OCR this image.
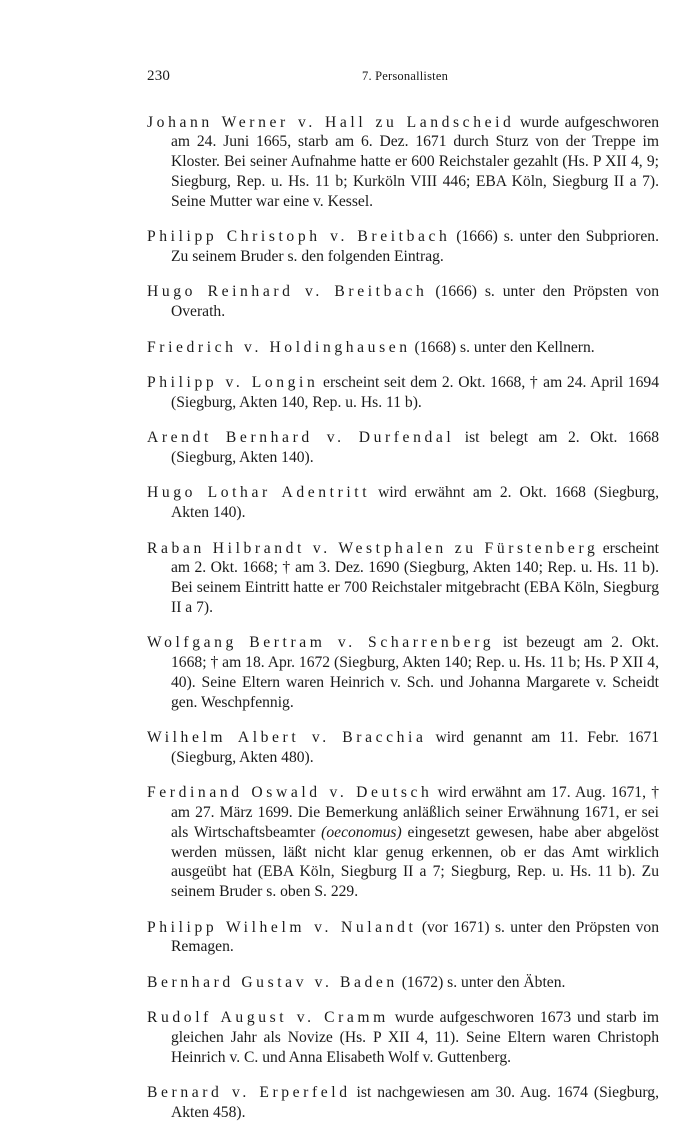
230	7. Personallisten

Johann Werner v. Hall zu Landscheid wurde aufgeschworen am 24. Juni 1665, starb am 6. Dez. 1671 durch Sturz von der Treppe im Kloster. Bei seiner Aufnahme hatte er 600 Reichstaler gezahlt (Hs. P XII 4, 9; Siegburg, Rep. u. Hs. 11 b; Kurköln VIII 446; EBA Köln, Siegburg II a 7). Seine Mutter war eine v. Kessel.

Philipp Christoph v. Breitbach (1666) s. unter den Subprioren. Zu seinem Bruder s. den folgenden Eintrag.

Hugo Reinhard v. Breitbach (1666) s. unter den Pröpsten von Overath.

Friedrich v. Holdinghausen (1668) s. unter den Kellnern.

Philipp v. Longin erscheint seit dem 2. Okt. 1668, † am 24. April 1694 (Siegburg, Akten 140, Rep. u. Hs. 11 b).

Arendt Bernhard v. Durfendal ist belegt am 2. Okt. 1668 (Siegburg, Akten 140).

Hugo Lothar Adentritt wird erwähnt am 2. Okt. 1668 (Siegburg, Akten 140).

Raban Hilbrandt v. Westphalen zu Fürstenberg erscheint am 2. Okt. 1668; † am 3. Dez. 1690 (Siegburg, Akten 140; Rep. u. Hs. 11 b). Bei seinem Eintritt hatte er 700 Reichstaler mitgebracht (EBA Köln, Siegburg II a 7).

Wolfgang Bertram v. Scharrenberg ist bezeugt am 2. Okt. 1668; † am 18. Apr. 1672 (Siegburg, Akten 140; Rep. u. Hs. 11 b; Hs. P XII 4, 40). Seine Eltern waren Heinrich v. Sch. und Johanna Margarete v. Scheidt gen. Weschpfennig.

Wilhelm Albert v. Bracchia wird genannt am 11. Febr. 1671 (Siegburg, Akten 480).

Ferdinand Oswald v. Deutsch wird erwähnt am 17. Aug. 1671, † am 27. März 1699. Die Bemerkung anläßlich seiner Erwähnung 1671, er sei als Wirtschaftsbeamter (oeconomus) eingesetzt gewesen, habe aber abgelöst werden müssen, läßt nicht klar genug erkennen, ob er das Amt wirklich ausgeübt hat (EBA Köln, Siegburg II a 7; Siegburg, Rep. u. Hs. 11 b). Zu seinem Bruder s. oben S. 229.

Philipp Wilhelm v. Nulandt (vor 1671) s. unter den Pröpsten von Remagen.

Bernhard Gustav v. Baden (1672) s. unter den Äbten.

Rudolf August v. Cramm wurde aufgeschworen 1673 und starb im gleichen Jahr als Novize (Hs. P XII 4, 11). Seine Eltern waren Christoph Heinrich v. C. und Anna Elisabeth Wolf v. Guttenberg.

Bernard v. Erperfeld ist nachgewiesen am 30. Aug. 1674 (Siegburg, Akten 458).
